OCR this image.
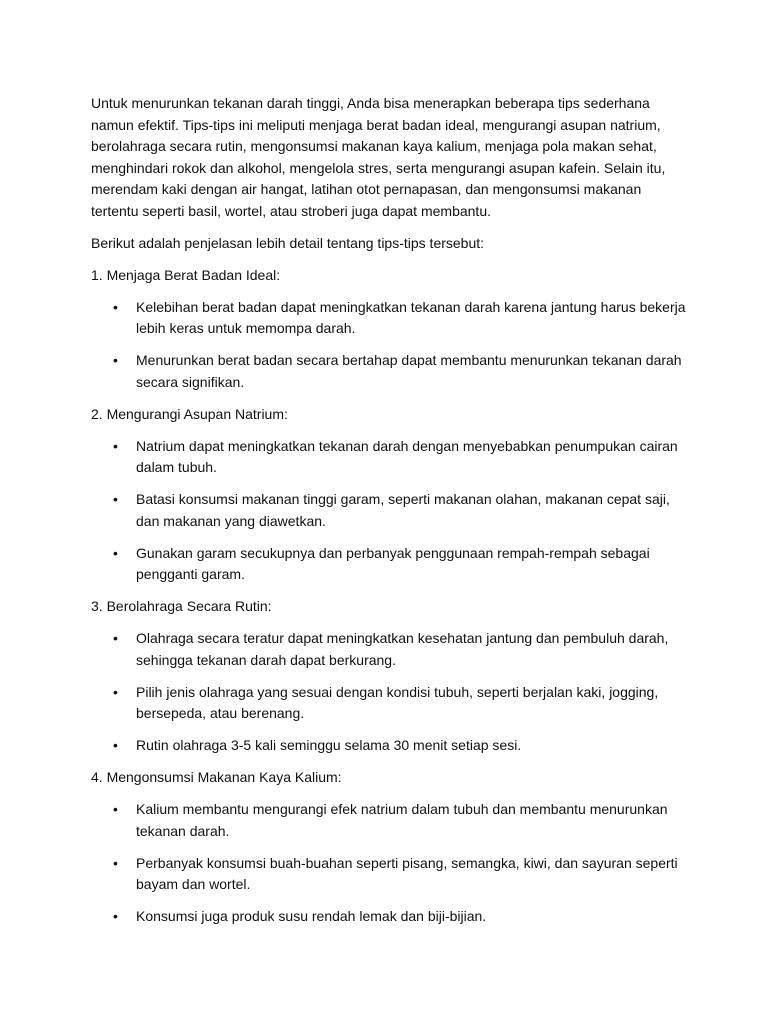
Untuk menurunkan tekanan darah tinggi, Anda bisa menerapkan beberapa tips sederhana namun efektif. Tips-tips ini meliputi menjaga berat badan ideal, mengurangi asupan natrium, berolahraga secara rutin, mengonsumsi makanan kaya kalium, menjaga pola makan sehat, menghindari rokok dan alkohol, mengelola stres, serta mengurangi asupan kafein. Selain itu, merendam kaki dengan air hangat, latihan otot pernapasan, dan mengonsumsi makanan tertentu seperti basil, wortel, atau stroberi juga dapat membantu.

Berikut adalah penjelasan lebih detail tentang tips-tips tersebut:

1. Menjaga Berat Badan Ideal:

• Kelebihan berat badan dapat meningkatkan tekanan darah karena jantung harus bekerja lebih keras untuk memompa darah.
• Menurunkan berat badan secara bertahap dapat membantu menurunkan tekanan darah secara signifikan.

2. Mengurangi Asupan Natrium:

• Natrium dapat meningkatkan tekanan darah dengan menyebabkan penumpukan cairan dalam tubuh.
• Batasi konsumsi makanan tinggi garam, seperti makanan olahan, makanan cepat saji, dan makanan yang diawetkan.
• Gunakan garam secukupnya dan perbanyak penggunaan rempah-rempah sebagai pengganti garam.

3. Berolahraga Secara Rutin:

• Olahraga secara teratur dapat meningkatkan kesehatan jantung dan pembuluh darah, sehingga tekanan darah dapat berkurang.
• Pilih jenis olahraga yang sesuai dengan kondisi tubuh, seperti berjalan kaki, jogging, bersepeda, atau berenang.
• Rutin olahraga 3-5 kali seminggu selama 30 menit setiap sesi.

4. Mengonsumsi Makanan Kaya Kalium:

• Kalium membantu mengurangi efek natrium dalam tubuh dan membantu menurunkan tekanan darah.
• Perbanyak konsumsi buah-buahan seperti pisang, semangka, kiwi, dan sayuran seperti bayam dan wortel.
• Konsumsi juga produk susu rendah lemak dan biji-bijian.
